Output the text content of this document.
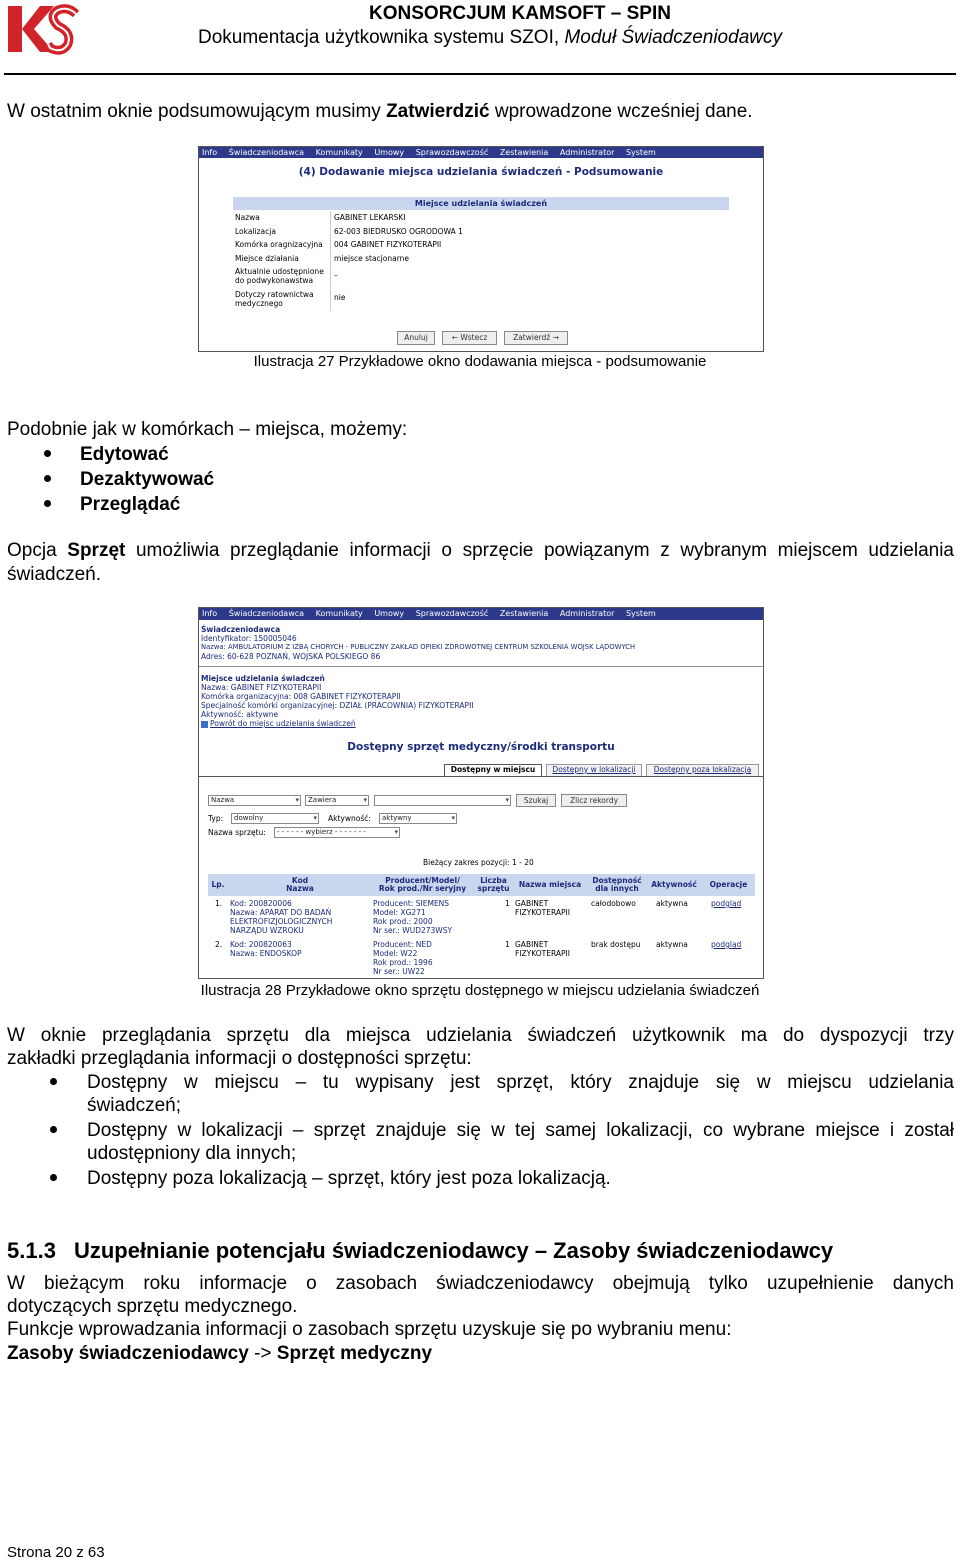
KS
KONSORCJUM KAMSOFT – SPIN
Dokumentacja użytkownika systemu SZOI, Moduł Świadczeniodawcy
W ostatnim oknie podsumowującym musimy Zatwierdzić wprowadzone wcześniej dane.
Info Świadczeniodawca Komunikaty Umowy Sprawozdawczość Zestawienia Administrator System
(4) Dodawanie miejsca udzielania świadczeń - Podsumowanie
Miejsce udzielania świadczeń
Nazwa	GABINET LEKARSKI
Lokalizacja	62-003 BIEDRUSKO OGRODOWA 1
Komórka oragnizacyjna 004 GABINET FIZYKOTERAPII
Miejsce działania	miejsce stacjonarne
Aktualnie udostępnione
do podwykonawstwa
–
Dotyczy ratownictwa
medycznego
nie
Anuluj	← Wstecz	Zatwierdź →
Ilustracja 27 Przykładowe okno dodawania miejsca - podsumowanie
Podobnie jak w komórkach – miejsca, możemy:
Edytować
Dezaktywować
Przeglądać
Opcja Sprzęt umożliwia przeglądanie informacji o sprzęcie powiązanym z wybranym miejscem udzielania
świadczeń.
Info Świadczeniodawca Komunikaty Umowy Sprawozdawczość Zestawienia Administrator System
Świadczeniodawca
Identyfikator: 150005046
Nazwa: AMBULATORIUM Z IZBĄ CHORYCH - PUBLICZNY ZAKŁAD OPIEKI ZDROWOTNEJ CENTRUM SZKOLENIA WOJSK LĄDOWYCH
Adres: 60-628 POZNAŃ, WOJSKA POLSKIEGO 86
Miejsce udzielania świadczeń
Nazwa: GABINET FIZYKOTERAPII
Komórka organizacyjna: 008 GABINET FIZYKOTERAPII
Specjalność komórki organizacyjnej: DZIAŁ (PRACOWNIA) FIZYKOTERAPII
Aktywność: aktywne
Powrót do miejsc udzielania świadczeń
Dostępny sprzęt medyczny/środki transportu
Dostępny w miejscu	Dostępny w lokalizacji	Dostępny poza lokalizacją
Nazwa ▾	Zawiera ▾
▾	Szukaj	Zlicz rekordy
Typ:	dowolny ▾	Aktywność:	aktywny ▾
Nazwa sprzętu:	- - - - - - wybierz - - - - - - - ▾
Bieżący zakres pozycji: 1 - 20
Lp.	Kod
Nazwa
Producent/Model/
Rok prod./Nr seryjny
Liczba
sprzętu	Nazwa miejsca	Dostępność
dla innych	Aktywność	Operacje
1. Kod: 200820006
Nazwa: APARAT DO BADAŃ
ELEKTROFIZJOLOGICZNYCH
NARZĄDU WZROKU
Producent: SIEMENS
Model: XG271
Rok prod.: 2000
Nr ser.: WUD273WSY
1 GABINET
FIZYKOTERAPII
całodobowo	aktywna	podgląd
2. Kod: 200820063
Nazwa: ENDOSKOP
Producent: NED
Model: W22
Rok prod.: 1996
Nr ser.: UW22
1 GABINET
FIZYKOTERAPII
brak dostępu aktywna	podgląd
Ilustracja 28 Przykładowe okno sprzętu dostępnego w miejscu udzielania świadczeń
W oknie przeglądania sprzętu dla miejsca udzielania świadczeń użytkownik ma do dyspozycji trzy
zakładki przeglądania informacji o dostępności sprzętu:
Dostępny w miejscu – tu wypisany jest sprzęt, który znajduje się w miejscu udzielania
świadczeń;
Dostępny w lokalizacji – sprzęt znajduje się w tej samej lokalizacji, co wybrane miejsce i został
udostępniony dla innych;
Dostępny poza lokalizacją – sprzęt, który jest poza lokalizacją.
5.1.3 Uzupełnianie potencjału świadczeniodawcy – Zasoby świadczeniodawcy
W bieżącym roku informacje o zasobach świadczeniodawcy obejmują tylko uzupełnienie danych
dotyczących sprzętu medycznego.
Funkcje wprowadzania informacji o zasobach sprzętu uzyskuje się po wybraniu menu:
Zasoby świadczeniodawcy -> Sprzęt medyczny
Strona 20 z 63
